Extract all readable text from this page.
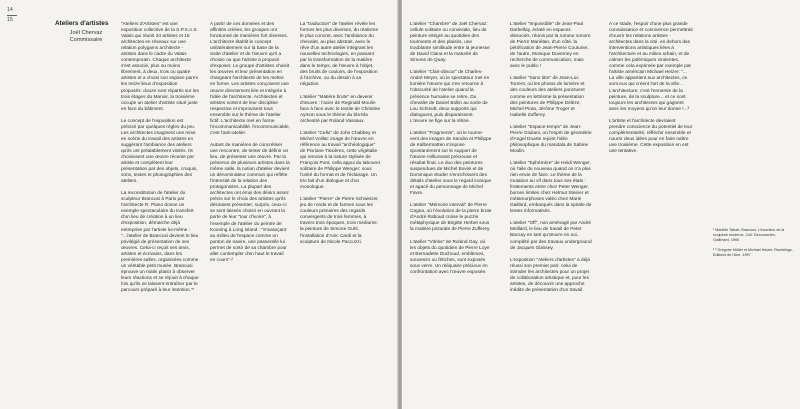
14
15	Ateliers d'artistes
Joël Chervaz
Commissaire

"Ateliers d'Artistes" est une exposition collective de la S.P.S.A.S Valais qui réunit 34 artistes et 15 architectes en réseaux sur une relation polygams architecte - artistes dans le cadre du Valais contemporain. Chaque architecte s'est associé, plus ou moins librement, à deux, trois ou quatre artistes et a choisi son espace parmi les treize lieux d'exposition proposés: douze sont répartis sur les trois étages du Manoir, la troisième occupe un atelier d'artiste situé juste en face du bâtiment.

Le concept de l'exposition est précisé par quelques règles du jeu. Les architectes imaginent une mise en scène du travail des artistes en suggérant l'ambiance des ateliers qu'ils ont préalablement visités. Ils choisissent une œuvre récente par artiste et complètent leur présentation par des objets, croquis, sons, textes et photographies des ateliers.

La reconstitution de l'atelier du sculpteur Brancusi à Paris par l'architecte R. Piano donne un exemple spectaculaire du transfert d'un lieu de création à un lieu d'exposition, démarche déjà entreprise par l'artiste lui-même : "...l'atelier de Brancusi devient le lieu privilégié de présentation de ses œuvres. Celui-ci reçoit ses amis, artistes et écrivains, dans les premières salles, organisées comme un véritable petit musée. Brancusi éprouve un malin plaisir à observer leurs réactions et se réjouit à chaque fois qu'ils se laissent entraîner par le parcours préparé à leur intention."¹

A partir de ces données et des affinités créées, les groupes ont fonctionné de manières fort diverses. L'architecte établit le concept unilatéralement sur la base de la visite d'atelier et de l'œuvre qu'il a choisie ou que l'artiste a proposé d'exposer. Le groupe d'artistes choisit les œuvres et leur présentation en chargeant l'architecte de les mettre en forme. Les artistes conçoivent une œuvre directement liée et intégrée à l'idée de l'architecte. Architectes et artistes sortent de leur discipline respective et improvisent tous ensemble sur le thème de l'atelier fictif. L'architecte met en forme l'incommunicabilité, l'incommunicable, c'est l'anti-atelier.

Autant de manières de concrétiser une rencontre, de tenter de définir un lieu, de présenter une œuvre. Par la présence de plusieurs artistes dans la même salle, la notion d'atelier devient un dénominateur commun qui reflète l'intensité de la relation des protagonistes. La plupart des architectes ont émis des désirs assez précis sur le choix des artistes qu'ils désiraient présenter; surpris, ceux-ci se sont laissés choisir en ouvrant la porte de leur "tour d'ivoire", à l'exemple de l'atelier du peintre de Kooning à Long Island : "S'avançant au milieu de l'espace comme un ponton de navire, une passerelle lui permet de sortir de sa chambre pour aller contempler d'en haut le travail en cours".²

La "traduction" de l'atelier révèle les formes les plus diverses, du réalisme le plus concret, avec l'ambiance du chevalet, au plus abstrait, avec le rêve d'un autre atelier intégrant les nouvelles technologies, en passant par la transformation de la matière dans le temps, de l'œuvre à l'objet, des bruits de couloirs, de l'exposition à l'archive, ou du dessin à sa négation.

L'atelier "Matière brute" en devenir d'œuvre : l'acier de Reginald Moulin face à face avec le textile de Christine Aymon sous le thème du bla-bla orchestré par Roland Vassaux.

L'atelier "Cello" de John Chabbey et Michel Voillat: image de l'œuvre en référence au travail "archéologique" de Floriane Tissières, cette végétalie qui renvoie à la nature stylisée de François Pont, cella appui du tabouret solitaire de Philippe Wenger; sous l'unité du format et de l'éclairage. Un trio fait d'un dialogue et d'un monologue.

L'atelier "Pierre" de Pierre Schweizer, jeu de ronde et de formes sous les couleurs primaires des regards convergents de trois femmes, à travers trois époques, trois médiums: la peinture de Simone Guhl, l'installation d'Anic Cardi et la sculpture de Nicole Paccozzi.

L'atelier "Chambre" de Joël Chervaz: cellule solitaire ou conviviale, lieu de peinture intégré au quotidien des tourments et des plaisirs, une troublante similitude entre la jeunesse de David Clana et la maturité de Simone de Quay.

L'atelier "Clair-obscur" de Charles-André Meyer, où le spectateur met en lumière l'œuvre qui s'en retourne à l'obscurité de l'atelier quand la présence humaine se retire. Du chevalet de Daniel Bollin au socle de Lou Schmidt, deux supports qui dialoguent, puis disparaissent. L'œuvre se fige sur la rétine.

L'atelier "Fragments", où le tourne-vent des images de Sandra et Philippe de Kalbermatten s'impose spontanément sur le support de l'œuvre millionnant précieuse et résultat final. Le duo des peintures suspendues de Michel Bovisi et de Dominique Studer s'enrichissent des détails d'atelier sous le regard ironique et agacé du personnage de Michel Favre.

L'atelier "Mémoire interval" de Pierre Cagna, où l'évolution de la pierre brute d'André Raboud croise le puzzle métaphysique de Brigitte Herbet sous la matière picturale de Pierre Zufferey.

L'atelier "Vitrine" de Roland Gay, où les objets du quotidien de Pierre Loye et Bernadette Duchoud, emblèmes, souvenirs ou fétiches, sont exposés sous verre. Un reliquaire précieux en confrontation avec l'œuvre exposée.

L'atelier "Impossible" de Jean-Paul Darbellay, éclaté en espaces dissociés, réunis par la rumeur sonore de Pierre Mariétan, d'un côté, la pétrification de Jean-Pierre Couturier, de l'autre, Monique Duverney en recherche de communication, mais avec le public !

L'atelier "Sans titre" de Jean-Luc Torrent, où les photos de lumière et des couleurs des ateliers ponctuent comme en lettrisme la présentation des peintures de Philippe Délèze, Michel Piota, Jérôme Troger et Isabelle Zufferey.

L'atelier "Espace-temps" de Jean-Pierre Giuliani, où l'esprit de géométrie d'Angel Duarte rejoint l'idée philosophique du mandala de Sabine Moulin.

L'atelier "Ephémère" de Heidi Wenger, où l'aile du nouveau quand on n'a plus rien envie de faire. Le thème de la mutation au vif dans tous ses états : frottements entre chez Peter Wenger, bornes limites chez Helmut Steiner et métamorphoses vidéo chez Marie Gaillard, embarqués dans la spirale de textes informatisés.

L'atelier "Off", non aménagé par André Meillard, le lieu de travail de Peter Bacsay en tant qu'œuvre en soi, complété par des travaux underground de Jacques Glassey.

L'exposition "Ateliers d'artistes" a déjà réussi son premier pari: celui de stimuler les architectes pour un projet de collaboration artistique et, pour les artistes, de découvrir une approche inédite de présentation d'un travail.

A ce stade, l'espoir d'une plus grande connaissance et connivence permettrait d'ouvrir les relations artistes - architectes dans la cité, en dehors des interventions artistiques liées à l'architecture et au milieu urbain, et de calmer les polémiques virulentes, comme cela exprimée par exemple par l'artiste américain Michael Heizer: "... La ville appartient aux architectes, ce sont eux qui créent l'art de la ville... L'architecture, c'est l'ennemie de la peinture, de la sculpture... et ce sont toujours les architectes qui gagnent avec les moyens qu'on leur donne !...³

L'artiste et l'architecte devraient prendre conscience du potentiel de leur complémentarité, réfléchir ensemble et nourrir deux idées pour en faire naître une troisième. Cette exposition en est une tentative.

¹ Marielle Tabart, Brancusi, L'invention de la sculpture moderne, Coll. Découvertes, Gallimard, 1995

² ³ Gregoire Müller et Michael Heizer, Ramblings, Editions de l'Aire, 1997
